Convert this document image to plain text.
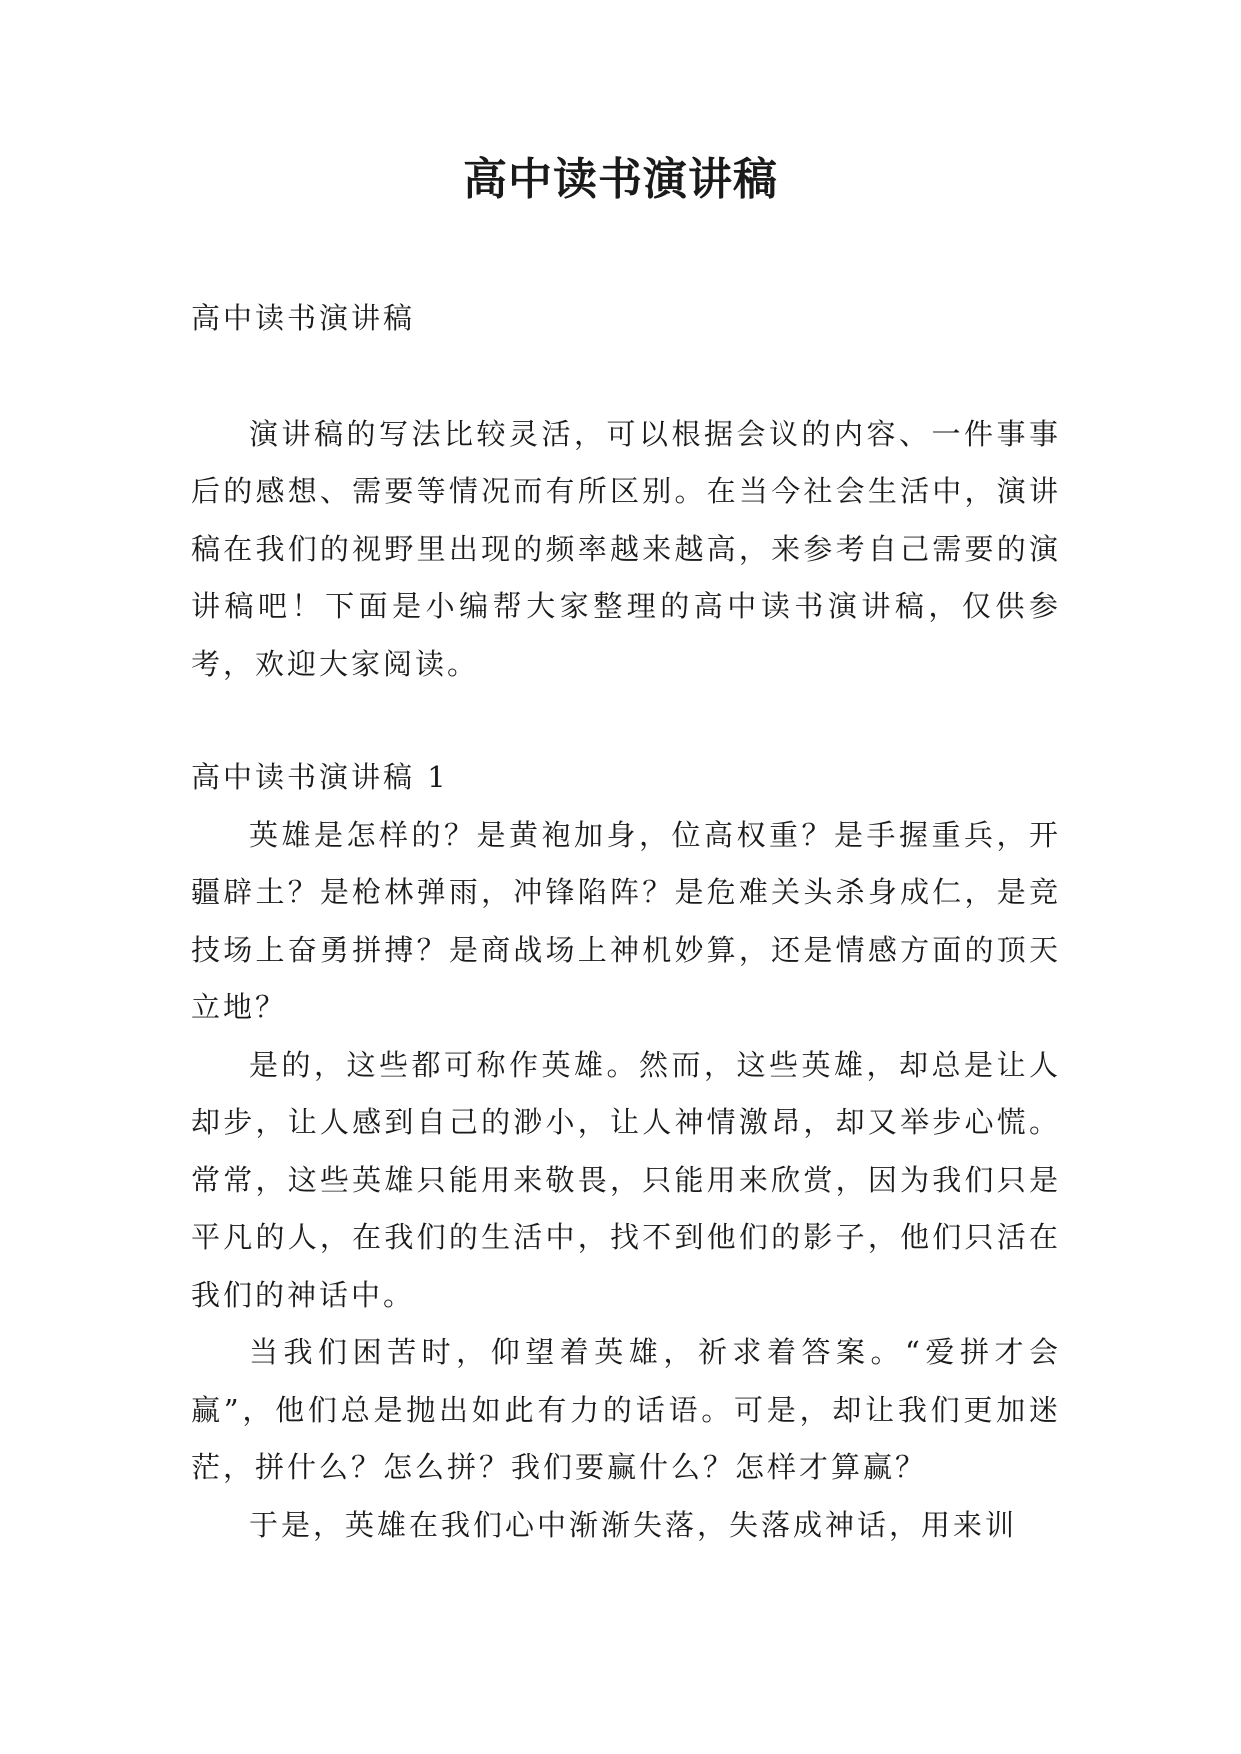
高中读书演讲稿

高中读书演讲稿

演讲稿的写法比较灵活，可以根据会议的内容、一件事事后的感想、需要等情况而有所区别。在当今社会生活中，演讲稿在我们的视野里出现的频率越来越高，来参考自己需要的演讲稿吧！下面是小编帮大家整理的高中读书演讲稿，仅供参考，欢迎大家阅读。

高中读书演讲稿 1

英雄是怎样的？是黄袍加身，位高权重？是手握重兵，开疆辟土？是枪林弹雨，冲锋陷阵？是危难关头杀身成仁，是竞技场上奋勇拼搏？是商战场上神机妙算，还是情感方面的顶天立地？

是的，这些都可称作英雄。然而，这些英雄，却总是让人却步，让人感到自己的渺小，让人神情激昂，却又举步心慌。常常，这些英雄只能用来敬畏，只能用来欣赏，因为我们只是平凡的人，在我们的生活中，找不到他们的影子，他们只活在我们的神话中。

当我们困苦时，仰望着英雄，祈求着答案。“爱拼才会赢”，他们总是抛出如此有力的话语。可是，却让我们更加迷茫，拼什么？怎么拼？我们要赢什么？怎样才算赢？

于是，英雄在我们心中渐渐失落，失落成神话，用来训
